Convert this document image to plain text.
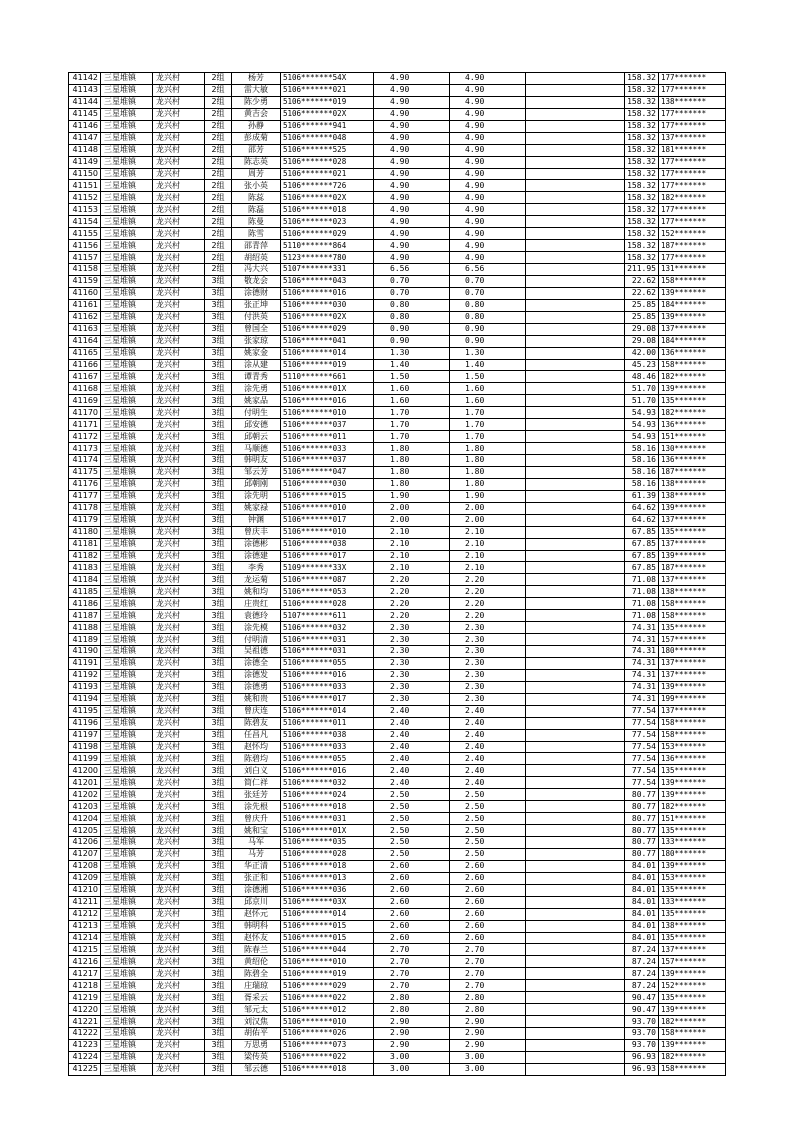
41142	三星堆镇	龙兴村	2组	杨芳	5106*******54X	4.90	4.90		158.32	177*******
41143	三星堆镇	龙兴村	2组	雷大敏	5106*******021	4.90	4.90		158.32	177*******
41144	三星堆镇	龙兴村	2组	陈少勇	5106*******019	4.90	4.90		158.32	138*******
41145	三星堆镇	龙兴村	2组	黄吉会	5106*******02X	4.90	4.90		158.32	177*******
41146	三星堆镇	龙兴村	2组	孙静	5106*******941	4.90	4.90		158.32	177*******
41147	三星堆镇	龙兴村	2组	彭成菊	5106*******048	4.90	4.90		158.32	137*******
41148	三星堆镇	龙兴村	2组	邵芳	5106*******525	4.90	4.90		158.32	181*******
41149	三星堆镇	龙兴村	2组	陈志英	5106*******028	4.90	4.90		158.32	177*******
41150	三星堆镇	龙兴村	2组	周芳	5106*******021	4.90	4.90		158.32	177*******
41151	三星堆镇	龙兴村	2组	张小英	5106*******726	4.90	4.90		158.32	177*******
41152	三星堆镇	龙兴村	2组	陈蕊	5106*******02X	4.90	4.90		158.32	182*******
41153	三星堆镇	龙兴村	2组	陈磊	5106*******018	4.90	4.90		158.32	177*******
41154	三星堆镇	龙兴村	2组	陈曼	5106*******023	4.90	4.90		158.32	177*******
41155	三星堆镇	龙兴村	2组	陈雪	5106*******029	4.90	4.90		158.32	152*******
41156	三星堆镇	龙兴村	2组	邵青萍	5110*******864	4.90	4.90		158.32	187*******
41157	三星堆镇	龙兴村	2组	胡绍英	5123*******780	4.90	4.90		158.32	177*******
41158	三星堆镇	龙兴村	2组	冯大兴	5107*******331	6.56	6.56		211.95	131*******
41159	三星堆镇	龙兴村	3组	敬龙会	5106*******043	0.70	0.70		22.62	158*******
41160	三星堆镇	龙兴村	3组	涂德财	5106*******016	0.70	0.70		22.62	139*******
41161	三星堆镇	龙兴村	3组	张正坤	5106*******030	0.80	0.80		25.85	184*******
41162	三星堆镇	龙兴村	3组	付洪英	5106*******02X	0.80	0.80		25.85	139*******
41163	三星堆镇	龙兴村	3组	曾国全	5106*******029	0.90	0.90		29.08	137*******
41164	三星堆镇	龙兴村	3组	张家琼	5106*******041	0.90	0.90		29.08	184*******
41165	三星堆镇	龙兴村	3组	姚家金	5106*******014	1.30	1.30		42.00	136*******
41166	三星堆镇	龙兴村	3组	涂从建	5106*******019	1.40	1.40		45.23	158*******
41167	三星堆镇	龙兴村	3组	谭青秀	5110*******661	1.50	1.50		48.46	182*******
41168	三星堆镇	龙兴村	3组	涂先勇	5106*******01X	1.60	1.60		51.70	139*******
41169	三星堆镇	龙兴村	3组	姚家品	5106*******016	1.60	1.60		51.70	135*******
41170	三星堆镇	龙兴村	3组	付明生	5106*******010	1.70	1.70		54.93	182*******
41171	三星堆镇	龙兴村	3组	邱安德	5106*******037	1.70	1.70		54.93	136*******
41172	三星堆镇	龙兴村	3组	邱朝云	5106*******011	1.70	1.70		54.93	151*******
41173	三星堆镇	龙兴村	3组	马顺德	5106*******033	1.80	1.80		58.16	130*******
41174	三星堆镇	龙兴村	3组	韩明友	5106*******037	1.80	1.80		58.16	136*******
41175	三星堆镇	龙兴村	3组	邹云芳	5106*******047	1.80	1.80		58.16	187*******
41176	三星堆镇	龙兴村	3组	邱朝刚	5106*******030	1.80	1.80		58.16	138*******
41177	三星堆镇	龙兴村	3组	涂先明	5106*******015	1.90	1.90		61.39	138*******
41178	三星堆镇	龙兴村	3组	姚家禄	5106*******010	2.00	2.00		64.62	139*******
41179	三星堆镇	龙兴村	3组	钟渊	5106*******017	2.00	2.00		64.62	137*******
41180	三星堆镇	龙兴村	3组	曾庆丰	5106*******010	2.10	2.10		67.85	135*******
41181	三星堆镇	龙兴村	3组	涂德彬	5106*******038	2.10	2.10		67.85	137*******
41182	三星堆镇	龙兴村	3组	涂德建	5106*******017	2.10	2.10		67.85	139*******
41183	三星堆镇	龙兴村	3组	李秀	5109*******33X	2.10	2.10		67.85	187*******
41184	三星堆镇	龙兴村	3组	龙运菊	5106*******087	2.20	2.20		71.08	137*******
41185	三星堆镇	龙兴村	3组	姚和均	5106*******053	2.20	2.20		71.08	138*******
41186	三星堆镇	龙兴村	3组	庄贵红	5106*******028	2.20	2.20		71.08	158*******
41187	三星堆镇	龙兴村	3组	袁德玲	5107*******611	2.20	2.20		71.08	158*******
41188	三星堆镇	龙兴村	3组	涂先模	5106*******032	2.30	2.30		74.31	135*******
41189	三星堆镇	龙兴村	3组	付明清	5106*******031	2.30	2.30		74.31	157*******
41190	三星堆镇	龙兴村	3组	吴祖德	5106*******031	2.30	2.30		74.31	180*******
41191	三星堆镇	龙兴村	3组	涂德全	5106*******055	2.30	2.30		74.31	137*******
41192	三星堆镇	龙兴村	3组	涂德发	5106*******016	2.30	2.30		74.31	137*******
41193	三星堆镇	龙兴村	3组	涂德勇	5106*******033	2.30	2.30		74.31	139*******
41194	三星堆镇	龙兴村	3组	姚和贵	5106*******017	2.30	2.30		74.31	199*******
41195	三星堆镇	龙兴村	3组	曾庆连	5106*******014	2.40	2.40		77.54	137*******
41196	三星堆镇	龙兴村	3组	陈碧友	5106*******011	2.40	2.40		77.54	158*******
41197	三星堆镇	龙兴村	3组	任昌凡	5106*******038	2.40	2.40		77.54	158*******
41198	三星堆镇	龙兴村	3组	赵怀均	5106*******033	2.40	2.40		77.54	153*******
41199	三星堆镇	龙兴村	3组	陈碧均	5106*******055	2.40	2.40		77.54	136*******
41200	三星堆镇	龙兴村	3组	刘白义	5106*******016	2.40	2.40		77.54	135*******
41201	三星堆镇	龙兴村	3组	简仁祥	5106*******032	2.40	2.40		77.54	139*******
41202	三星堆镇	龙兴村	3组	张廷芳	5106*******024	2.50	2.50		80.77	139*******
41203	三星堆镇	龙兴村	3组	涂先根	5106*******018	2.50	2.50		80.77	182*******
41204	三星堆镇	龙兴村	3组	曾庆升	5106*******031	2.50	2.50		80.77	151*******
41205	三星堆镇	龙兴村	3组	姚和宝	5106*******01X	2.50	2.50		80.77	135*******
41206	三星堆镇	龙兴村	3组	马军	5106*******035	2.50	2.50		80.77	133*******
41207	三星堆镇	龙兴村	3组	马芳	5106*******028	2.50	2.50		80.77	180*******
41208	三星堆镇	龙兴村	3组	华正清	5106*******018	2.60	2.60		84.01	139*******
41209	三星堆镇	龙兴村	3组	张正和	5106*******013	2.60	2.60		84.01	153*******
41210	三星堆镇	龙兴村	3组	涂德湘	5106*******036	2.60	2.60		84.01	135*******
41211	三星堆镇	龙兴村	3组	邱京川	5106*******03X	2.60	2.60		84.01	133*******
41212	三星堆镇	龙兴村	3组	赵怀元	5106*******014	2.60	2.60		84.01	135*******
41213	三星堆镇	龙兴村	3组	韩明科	5106*******015	2.60	2.60		84.01	138*******
41214	三星堆镇	龙兴村	3组	赵怀友	5106*******015	2.60	2.60		84.01	135*******
41215	三星堆镇	龙兴村	3组	陈春兰	5106*******044	2.70	2.70		87.24	137*******
41216	三星堆镇	龙兴村	3组	黄绍伦	5106*******010	2.70	2.70		87.24	157*******
41217	三星堆镇	龙兴村	3组	陈碧全	5106*******019	2.70	2.70		87.24	139*******
41218	三星堆镇	龙兴村	3组	庄瑞琼	5106*******029	2.70	2.70		87.24	152*******
41219	三星堆镇	龙兴村	3组	胥采云	5106*******022	2.80	2.80		90.47	135*******
41220	三星堆镇	龙兴村	3组	邹元太	5106*******012	2.80	2.80		90.47	139*******
41221	三星堆镇	龙兴村	3组	刘汉焦	5106*******010	2.90	2.90		93.70	182*******
41222	三星堆镇	龙兴村	3组	胡佑平	5106*******026	2.90	2.90		93.70	158*******
41223	三星堆镇	龙兴村	3组	万思勇	5106*******073	2.90	2.90		93.70	139*******
41224	三星堆镇	龙兴村	3组	梁传英	5106*******022	3.00	3.00		96.93	182*******
41225	三星堆镇	龙兴村	3组	邹云德	5106*******018	3.00	3.00		96.93	158*******
